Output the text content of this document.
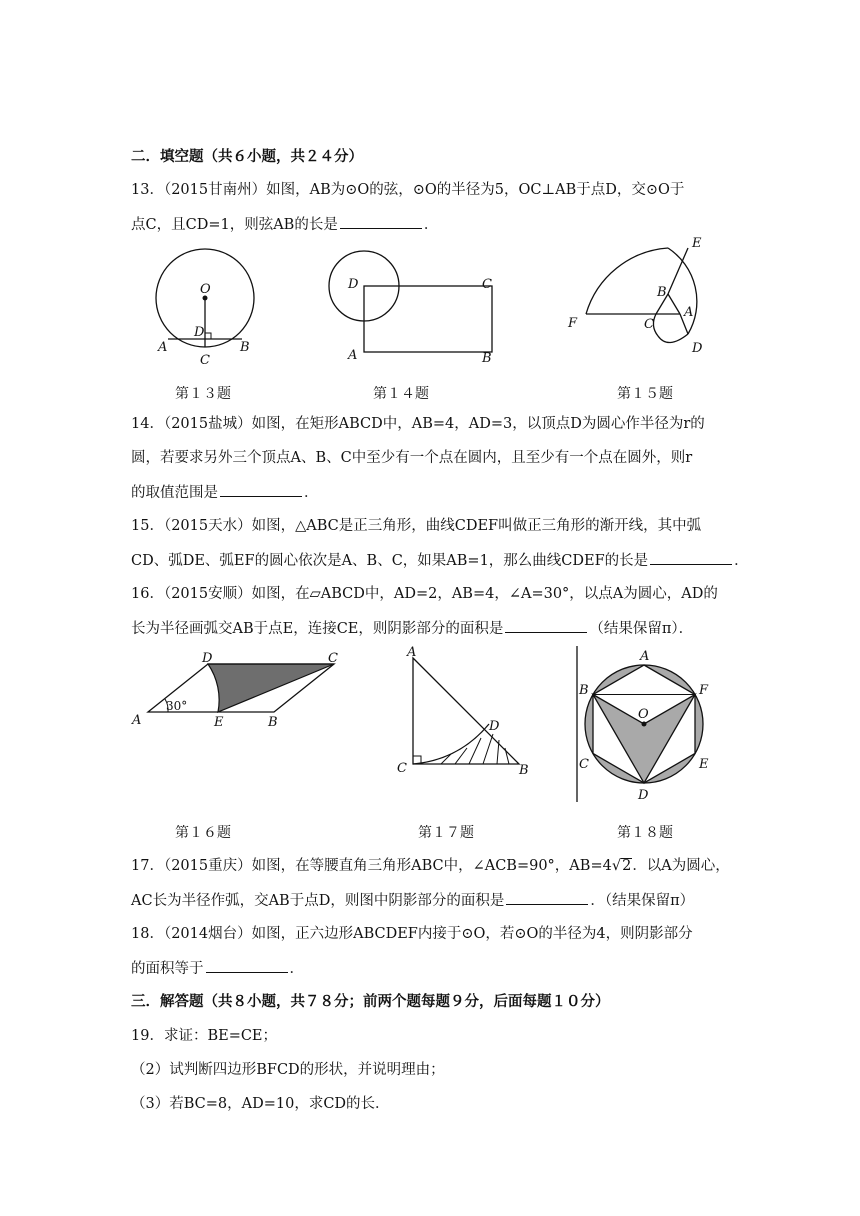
二．填空题（共６小题，共２４分）
13．（2015甘南州）如图，AB为⊙O的弦，⊙O的半径为5，OC⊥AB于点D，交⊙O于
点C，且CD=1，则弦AB的长是	．
O
D
A	B
C
D	C
A	B
E
B
A
F	C
D
第１３题	第１４题	第１５题
14．（2015盐城）如图，在矩形ABCD中，AB=4，AD=3，以顶点D为圆心作半径为r的
圆，若要求另外三个顶点A、B、C中至少有一个点在圆内，且至少有一个点在圆外，则r
的取值范围是	．
15．（2015天水）如图，△ABC是正三角形，曲线CDEF叫做正三角形的渐开线，其中弧
CD、弧DE、弧EF的圆心依次是A、B、C，如果AB=1，那么曲线CDEF的长是	．
16．（2015安顺）如图，在▱ABCD中，AD=2，AB=4，∠A=30°，以点A为圆心，AD的
长为半径画弧交AB于点E，连接CE，则阴影部分的面积是	（结果保留π）．
A
D	C
E	B
30°
A
D
C	B
A
B	F
O
C	E
D
第１６题	第１７题	第１８题
17．（2015重庆）如图，在等腰直角三角形ABC中，∠ACB=90°，AB=4√2．以A为圆心，
AC长为半径作弧，交AB于点D，则图中阴影部分的面积是	．（结果保留π）
18．（2014烟台）如图，正六边形ABCDEF内接于⊙O，若⊙O的半径为4，则阴影部分
的面积等于	．
三．解答题（共８小题，共７８分；前两个题每题９分，后面每题１０分）
19．求证：BE=CE；
（2）试判断四边形BFCD的形状，并说明理由；
（3）若BC=8，AD=10，求CD的长．
